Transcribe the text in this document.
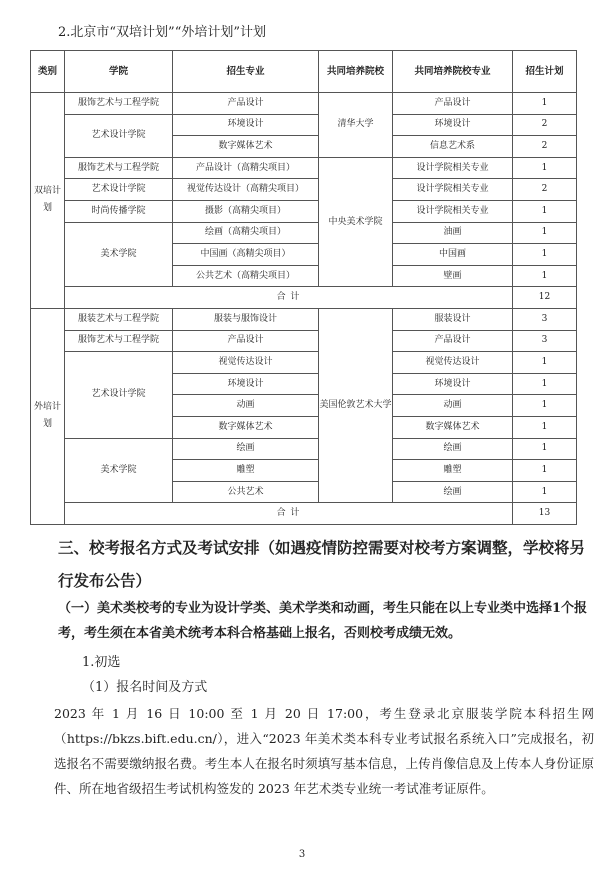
2.北京市“双培计划”“外培计划”计划
类别	学院	招生专业	共同培养院校	共同培养院校专业	招生计划
双培计划	服饰艺术与工程学院	产品设计	清华大学	产品设计	1
	艺术设计学院	环境设计		环境设计	2
		数字媒体艺术		信息艺术系	2
	服饰艺术与工程学院	产品设计（高精尖项目）	中央美术学院	设计学院相关专业	1
	艺术设计学院	视觉传达设计（高精尖项目）		设计学院相关专业	2
	时尚传播学院	摄影（高精尖项目）		设计学院相关专业	1
	美术学院	绘画（高精尖项目）		油画	1
		中国画（高精尖项目）		中国画	1
		公共艺术（高精尖项目）		壁画	1
	合 计				12
外培计划	服装艺术与工程学院	服装与服饰设计	美国伦敦艺术大学	服装设计	3
	服饰艺术与工程学院	产品设计		产品设计	3
	艺术设计学院	视觉传达设计		视觉传达设计	1
		环境设计		环境设计	1
		动画		动画	1
		数字媒体艺术		数字媒体艺术	1
	美术学院	绘画		绘画	1
		雕塑		雕塑	1
		公共艺术		绘画	1
	合 计				13
三、校考报名方式及考试安排（如遇疫情防控需要对校考方案调整，学校将另行发布公告）
（一）美术类校考的专业为设计学类、美术学类和动画，考生只能在以上专业类中选择1个报考，考生须在本省美术统考本科合格基础上报名，否则校考成绩无效。
1.初选
（1）报名时间及方式
2023 年 1 月 16 日 10:00 至 1 月 20 日 17:00，考生登录北京服装学院本科招生网（https://bkzs.bift.edu.cn/），进入“2023 年美术类本科专业考试报名系统入口”完成报名，初选报名不需要缴纳报名费。考生本人在报名时须填写基本信息，上传肖像信息及上传本人身份证原件、所在地省级招生考试机构签发的 2023 年艺术类专业统一考试准考证原件。
3
